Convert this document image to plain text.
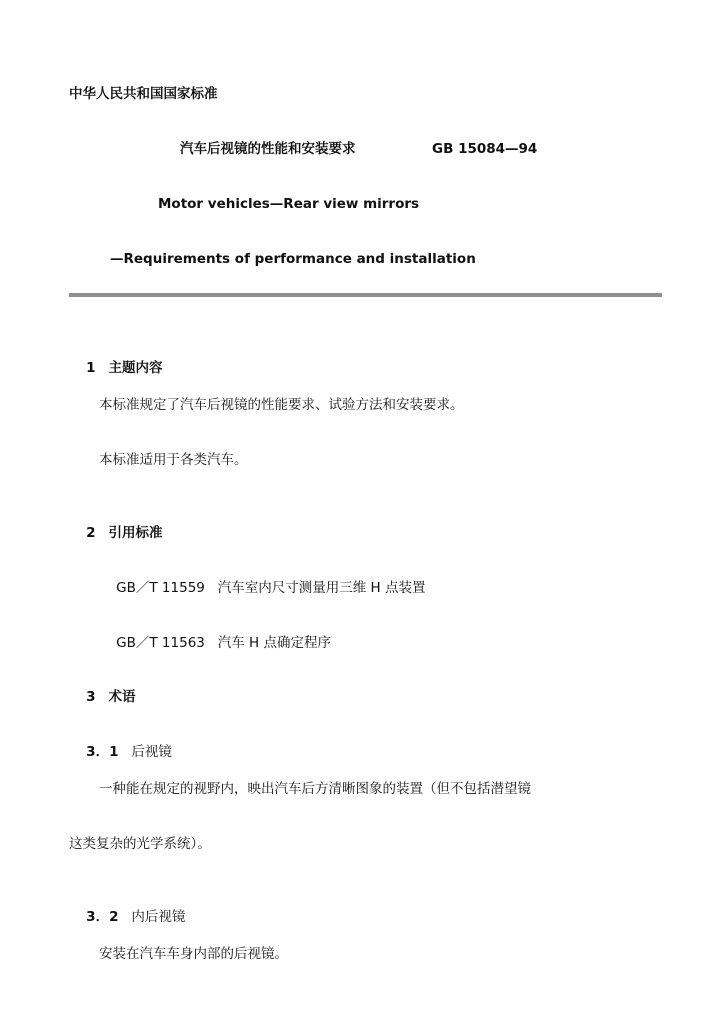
中华人民共和国国家标准
汽车后视镜的性能和安装要求	GB 15084—94
Motor vehicles—Rear view mirrors
—Requirements of performance and installation

1 主题内容

本标准规定了汽车后视镜的性能要求、试验方法和安装要求。
本标准适用于各类汽车。

2 引用标准

GB／T 11559 汽车室内尺寸测量用三维 H 点装置

GB／T 11563 汽车 H 点确定程序

3 术语

3．1 后视镜

一种能在规定的视野内，映出汽车后方清晰图象的装置（但不包括潜望镜
这类复杂的光学系统）。

3．2 内后视镜

安装在汽车车身内部的后视镜。
